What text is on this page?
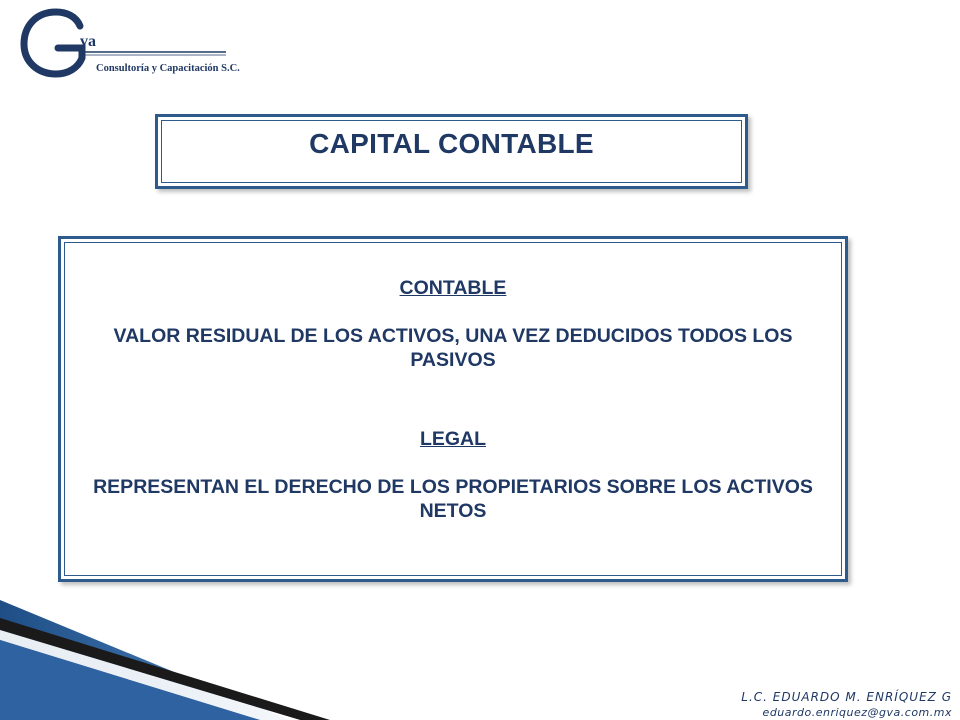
va
Consultoría y Capacitación S.C.
CAPITAL CONTABLE
CONTABLE
VALOR RESIDUAL DE LOS ACTIVOS, UNA VEZ DEDUCIDOS TODOS LOS PASIVOS
LEGAL
REPRESENTAN EL DERECHO DE LOS PROPIETARIOS SOBRE LOS ACTIVOS NETOS
L.C. EDUARDO M. ENRÍQUEZ G
eduardo.enriquez@gva.com.mx
